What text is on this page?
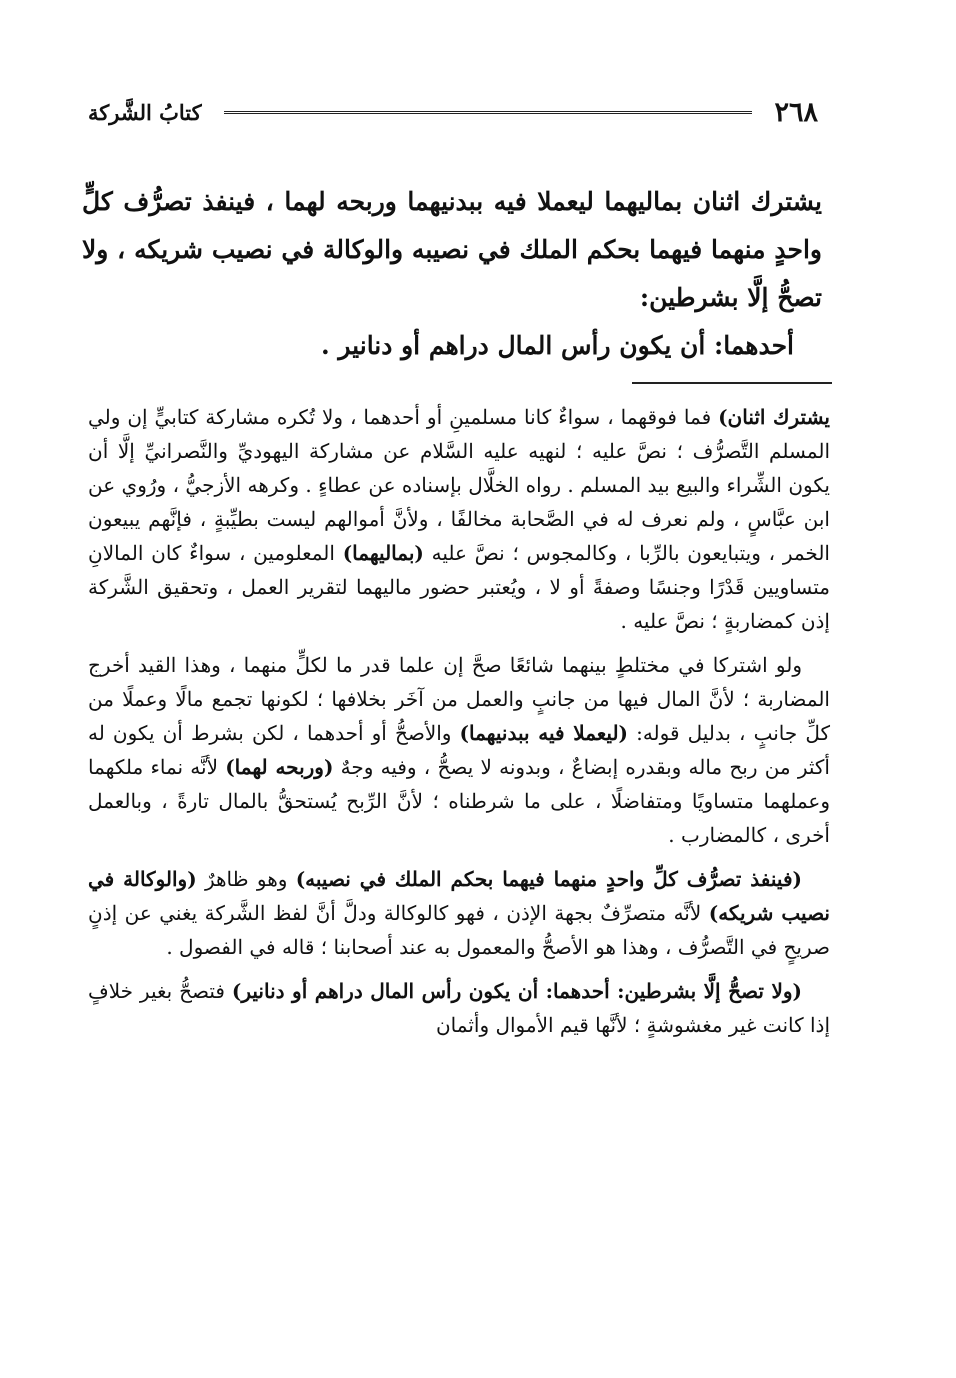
٢٦٨
كتابُ الشَّركة

يشترك اثنان بماليهما ليعملا فيه ببدنيهما وربحه لهما ، فينفذ تصرُّف كلٍّ واحدٍ منهما فيهما بحكم الملك في نصيبه والوكالة في نصيب شريكه ، ولا تصحُّ إلَّا بشرطين:

أحدهما: أن يكون رأس المال دراهم أو دنانير .

يشترك اثنان) فما فوقهما ، سواءٌ كانا مسلمينِ أو أحدهما ، ولا تُكره مشاركة كتابيٍّ إن ولي المسلم التَّصرُّف ؛ نصَّ عليه ؛ لنهيه عليه السَّلام عن مشاركة اليهوديِّ والنَّصرانيِّ إلَّا أن يكون الشِّراء والبيع بيد المسلم . رواه الخلَّال بإسناده عن عطاءٍ . وكرهه الأزجيُّ ، ورُوي عن ابن عبَّاسٍ ، ولم نعرف له في الصَّحابة مخالفًا ، ولأنَّ أموالهم ليست بطيِّبةٍ ، فإنَّهم يبيعون الخمر ، ويتبايعون بالرِّبا ، وكالمجوس ؛ نصَّ عليه (بماليهما) المعلومين ، سواءٌ كان المالانِ متساويين قَدْرًا وجنسًا وصفةً أو لا ، ويُعتبر حضور ماليهما لتقرير العمل ، وتحقيق الشَّركة إذن كمضاربةٍ ؛ نصَّ عليه .

ولو اشتركا في مختلطٍ بينهما شائعًا صحَّ إن علما قدر ما لكلٍّ منهما ، وهذا القيد أخرج المضاربة ؛ لأنَّ المال فيها من جانبٍ والعمل من آخَر بخلافها ؛ لكونها تجمع مالًا وعملًا من كلِّ جانبٍ ، بدليل قوله: (ليعملا فيه ببدنيهما) والأصحُّ أو أحدهما ، لكن بشرط أن يكون له أكثر من ربح ماله وبقدره إبضاعٌ ، وبدونه لا يصحُّ ، وفيه وجهٌ (وربحه لهما) لأنَّه نماء ملكهما وعملهما متساويًا ومتفاضلًا ، على ما شرطناه ؛ لأنَّ الرِّبح يُستحقُّ بالمال تارةً ، وبالعمل أخرى ، كالمضارب .

(فينفذ تصرُّف كلِّ واحدٍ منهما فيهما بحكم الملك في نصيبه) وهو ظاهرٌ (والوكالة في نصيب شريكه) لأنَّه متصرِّفٌ بجهة الإذن ، فهو كالوكالة ودلَّ أنَّ لفظ الشَّركة يغني عن إذنٍ صريحٍ في التَّصرُّف ، وهذا هو الأصحُّ والمعمول به عند أصحابنا ؛ قاله في الفصول .

(ولا تصحُّ إلَّا بشرطين: أحدهما: أن يكون رأس المال دراهم أو دنانير) فتصحُّ بغير خلافٍ إذا كانت غير مغشوشةٍ ؛ لأنَّها قيم الأموال وأثمان
